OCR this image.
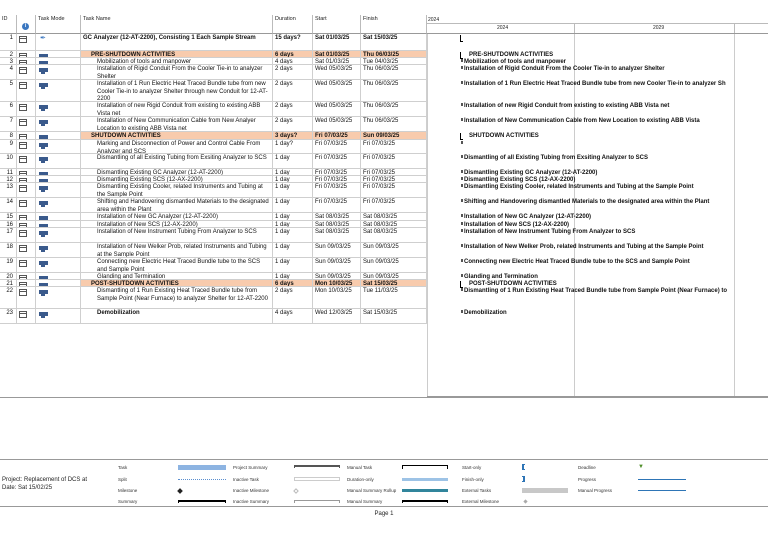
ID
i
Task Mode	Task Name	Duration	Start	Finish	2024
2024	2029
1	✒	GC Analyzer (12-AT-2200), Consisting 1 Each Sample Stream	15 days?	Sat 01/03/25	Sat 15/03/25
2	PRE-SHUTDOWN ACTIVITIES	6 days	Sat 01/03/25	Thu 06/03/25
3	Mobilization of tools and manpower	4 days	Sat 01/03/25	Tue 04/03/25
4	Installation of Rigid Conduit From the Cooler Tie-in to analyzer Shelter
2 days	Wed 05/03/25	Thu 06/03/25
5	Installation of 1 Run Electric Heat Traced Bundle tube from new Cooler Tie-in to analyzer Shelter through new Conduit for 12-AT-2200
2 days	Wed 05/03/25	Thu 06/03/25
6	Installation of new Rigid Conduit from existing to existing ABB Vista net
2 days	Wed 05/03/25	Thu 06/03/25
7	Installation of New Communication Cable from New Analyer Location to existing ABB Vista net
2 days	Wed 05/03/25	Thu 06/03/25
8	SHUTDOWN ACTIVITIES	3 days?	Fri 07/03/25	Sun 09/03/25
9	Marking and Disconnection of Power and Control Cable From Analyzer and SCS
1 day?	Fri 07/03/25	Fri 07/03/25
10	Dismantling of all Existing Tubing from Exsiting Analyzer to SCS	1 day	Fri 07/03/25	Fri 07/03/25
11	Dismantling Existing GC Analyzer (12-AT-2200)	1 day	Fri 07/03/25	Fri 07/03/25
12	Dismantling Existing SCS (12-AX-2200)	1 day	Fri 07/03/25	Fri 07/03/25
13	Dismantling Existing Cooler, related Instruments and Tubing at the Sample Point
1 day	Fri 07/03/25	Fri 07/03/25
14	Shifting and Handovering dismantled Materials to the designated area within the Plant
1 day	Fri 07/03/25	Fri 07/03/25
15	Installation of New GC Analyzer (12-AT-2200)	1 day	Sat 08/03/25	Sat 08/03/25
16	Installation of New SCS (12-AX-2200)	1 day	Sat 08/03/25	Sat 08/03/25
17	Installation of New Instrument Tubing From Analyzer to SCS	1 day	Sat 08/03/25	Sat 08/03/25
18	Installation of New Welker Prob, related Instruments and Tubing at the Sample Point
1 day	Sun 09/03/25	Sun 09/03/25
19	Connecting new Electric Heat Traced Bundle tube to the SCS and Sample Point
1 day	Sun 09/03/25	Sun 09/03/25
20	Glanding and Termination	1 day	Sun 09/03/25	Sun 09/03/25
21	POST-SHUTDOWN ACTIVITIES	6 days	Mon 10/03/25	Sat 15/03/25
22	Dismantling of 1 Run Existing Heat Traced Bundle tube from Sample Point (Near Furnace) to analyzer Shelter for 12-AT-2200
2 days	Mon 10/03/25	Tue 11/03/25
23	Demobilization	4 days	Wed 12/03/25	Sat 15/03/25
PRE-SHUTDOWN ACTIVITIES
Mobilization of tools and manpower
Installation of Rigid Conduit From the Cooler Tie-in to analyzer Shelter
Installation of 1 Run Electric Heat Traced Bundle tube from new Cooler Tie-in to analyzer Sh
Installation of new Rigid Conduit from existing to existing ABB Vista net
Installation of New Communication Cable from New Location to existing ABB Vista
SHUTDOWN ACTIVITIES
Dismantling of all Existing Tubing from Exsiting Analyzer to SCS
Dismantling Existing GC Analyzer (12-AT-2200)
Dismantling Existing SCS (12-AX-2200)
Dismantling Existing Cooler, related Instruments and Tubing at the Sample Point
Shifting and Handovering dismantled Materials to the designated area within the Plant
Installation of New GC Analyzer (12-AT-2200)
Installation of New SCS (12-AX-2200)
Installation of New Instrument Tubing From Analyzer to SCS
Installation of New Welker Prob, related Instruments and Tubing at the Sample Point
Connecting new Electric Heat Traced Bundle tube to the SCS and Sample Point
Glanding and Termination
POST-SHUTDOWN ACTIVITIES
Dismantling of 1 Run Existing Heat Traced Bundle tube from Sample Point (Near Furnace) to
Demobilization
Task
Split
Milestone
Summary
Project Summary
Inactive Task
Inactive Milestone
Inactive Summary
Manual Task
Duration-only
Manual Summary Rollup
Manual Summary
Start-only
Finish-only
External Tasks
External Milestone
Deadline	▼
Progress
Manual Progress
Project: Replacement of DCS at
Date: Sat 15/02/25
Page 1
